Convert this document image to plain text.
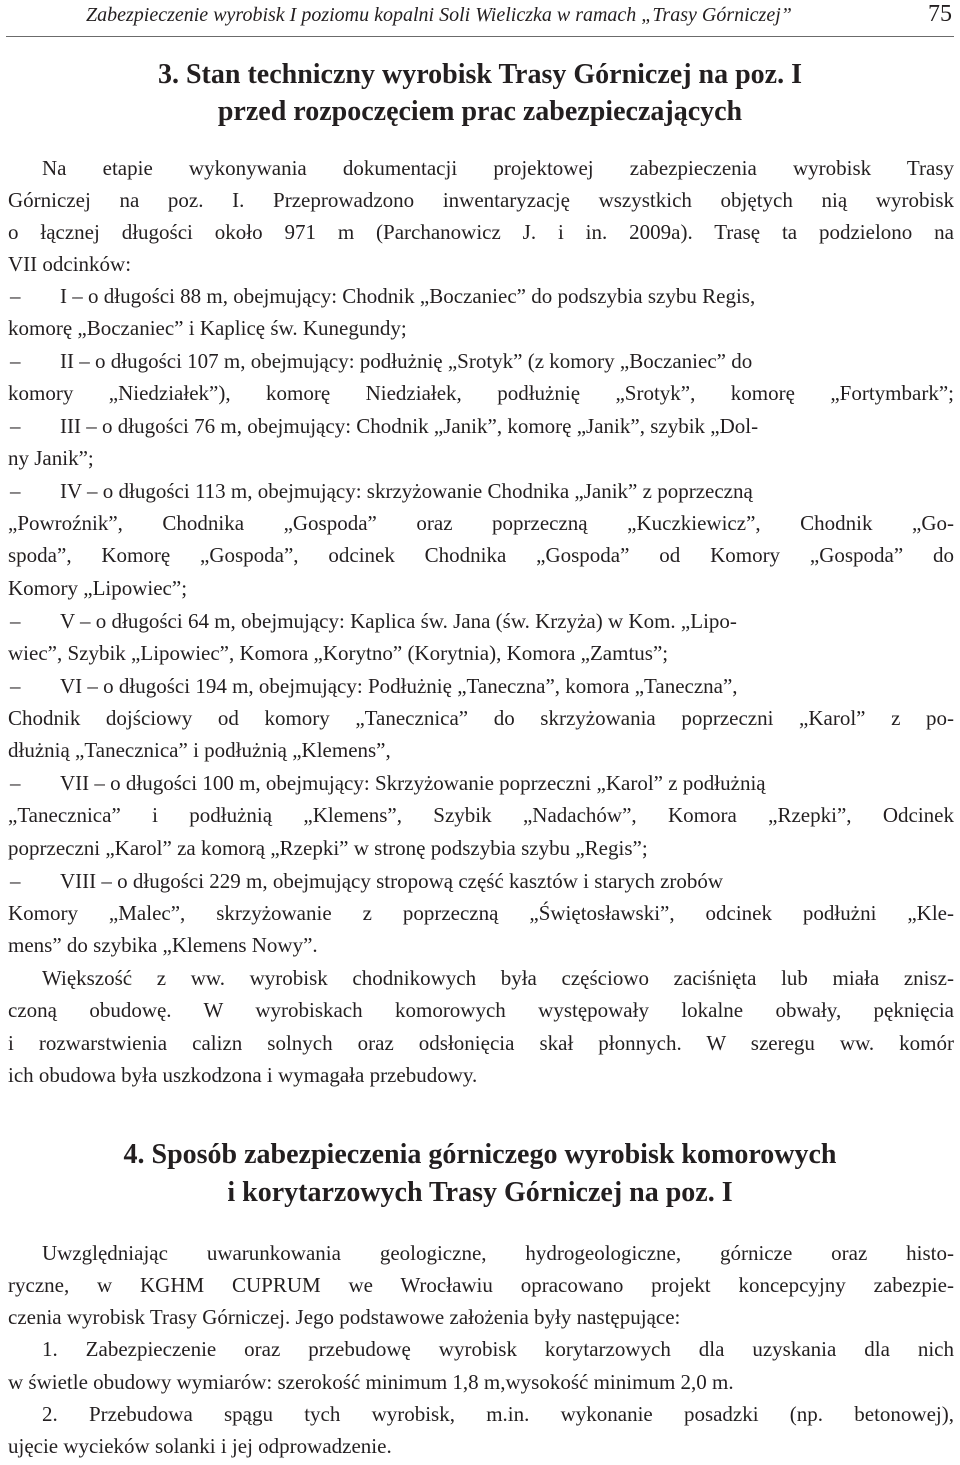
Zabezpieczenie wyrobisk I poziomu kopalni Soli Wieliczka w ramach „Trasy Górniczej”	75
3. Stan techniczny wyrobisk Trasy Górniczej na poz. I
przed rozpoczęciem prac zabezpieczających
Na etapie wykonywania dokumentacji projektowej zabezpieczenia wyrobisk Trasy
Górniczej na poz. I. Przeprowadzono inwentaryzację wszystkich objętych nią wyrobisk
o łącznej długości około 971 m (Parchanowicz J. i in. 2009a). Trasę ta podzielono na
VII odcinków:
– I – o długości 88 m, obejmujący: Chodnik „Boczaniec” do podszybia szybu Regis,
komorę „Boczaniec” i Kaplicę św. Kunegundy;
– II – o długości 107 m, obejmujący: podłużnię „Srotyk” (z komory „Boczaniec” do
komory „Niedziałek”), komorę Niedziałek, podłużnię „Srotyk”, komorę „Fortymbark”;
– III – o długości 76 m, obejmujący: Chodnik „Janik”, komorę „Janik”, szybik „Dol-
ny Janik”;
– IV – o długości 113 m, obejmujący: skrzyżowanie Chodnika „Janik” z poprzeczną
„Powroźnik”, Chodnika „Gospoda” oraz poprzeczną „Kuczkiewicz”, Chodnik „Go-
spoda”, Komorę „Gospoda”, odcinek Chodnika „Gospoda” od Komory „Gospoda” do
Komory „Lipowiec”;
– V – o długości 64 m, obejmujący: Kaplica św. Jana (św. Krzyża) w Kom. „Lipo-
wiec”, Szybik „Lipowiec”, Komora „Korytno” (Korytnia), Komora „Zamtus”;
– VI – o długości 194 m, obejmujący: Podłużnię „Taneczna”, komora „Taneczna”,
Chodnik dojściowy od komory „Tanecznica” do skrzyżowania poprzeczni „Karol” z po-
dłużnią „Tanecznica” i podłużnią „Klemens”,
– VII – o długości 100 m, obejmujący: Skrzyżowanie poprzeczni „Karol” z podłużnią
„Tanecznica” i podłużnią „Klemens”, Szybik „Nadachów”, Komora „Rzepki”, Odcinek
poprzeczni „Karol” za komorą „Rzepki” w stronę podszybia szybu „Regis”;
– VIII – o długości 229 m, obejmujący stropową część kasztów i starych zrobów
Komory „Malec”, skrzyżowanie z poprzeczną „Świętosławski”, odcinek podłużni „Kle-
mens” do szybika „Klemens Nowy”.
Większość z ww. wyrobisk chodnikowych była częściowo zaciśnięta lub miała znisz-
czoną obudowę. W wyrobiskach komorowych występowały lokalne obwały, pęknięcia
i rozwarstwienia calizn solnych oraz odsłonięcia skał płonnych. W szeregu ww. komór
ich obudowa była uszkodzona i wymagała przebudowy.
4. Sposób zabezpieczenia górniczego wyrobisk komorowych
i korytarzowych Trasy Górniczej na poz. I
Uwzględniając uwarunkowania geologiczne, hydrogeologiczne, górnicze oraz histo-
ryczne, w KGHM CUPRUM we Wrocławiu opracowano projekt koncepcyjny zabezpie-
czenia wyrobisk Trasy Górniczej. Jego podstawowe założenia były następujące:
1. Zabezpieczenie oraz przebudowę wyrobisk korytarzowych dla uzyskania dla nich
w świetle obudowy wymiarów: szerokość minimum 1,8 m,wysokość minimum 2,0 m.
2. Przebudowa spągu tych wyrobisk, m.in. wykonanie posadzki (np. betonowej),
ujęcie wycieków solanki i jej odprowadzenie.
